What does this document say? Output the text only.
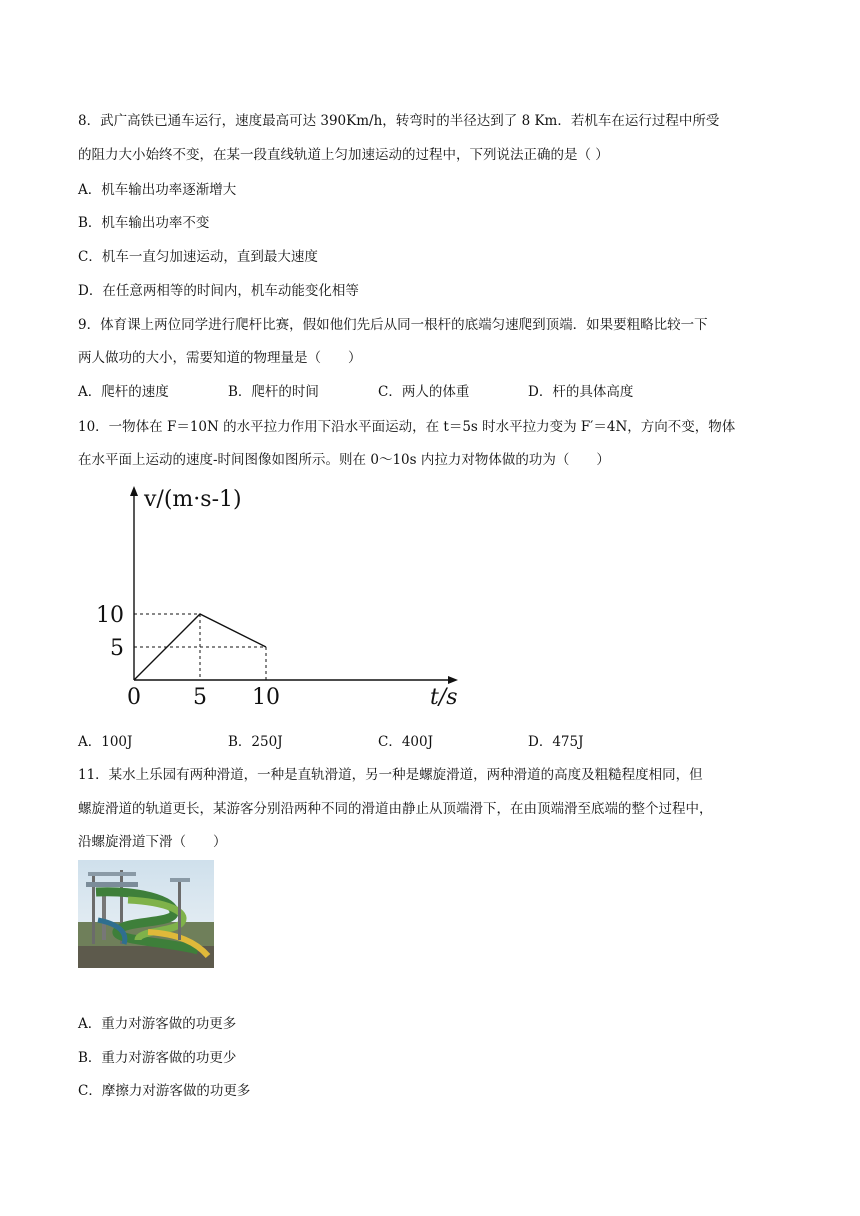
8．武广高铁已通车运行，速度最高可达 390Km/h，转弯时的半径达到了 8 Km．若机车在运行过程中所受
的阻力大小始终不变，在某一段直线轨道上匀加速运动的过程中，下列说法正确的是（ ）
A．机车输出功率逐渐增大
B．机车输出功率不变
C．机车一直匀加速运动，直到最大速度
D．在任意两相等的时间内，机车动能变化相等
9．体育课上两位同学进行爬杆比赛，假如他们先后从同一根杆的底端匀速爬到顶端．如果要粗略比较一下
两人做功的大小，需要知道的物理量是（　　）
A．爬杆的速度	B．爬杆的时间	C．两人的体重	D．杆的具体高度
10．一物体在 F＝10N 的水平拉力作用下沿水平面运动，在 t＝5s 时水平拉力变为 F′＝4N，方向不变，物体
在水平面上运动的速度-时间图像如图所示。则在 0～10s 内拉力对物体做的功为（　　）
0 5 10
10
5
v/(m·s-1)
t/s
A．100J	B．250J	C．400J	D．475J
11．某水上乐园有两种滑道，一种是直轨滑道，另一种是螺旋滑道，两种滑道的高度及粗糙程度相同，但
螺旋滑道的轨道更长，某游客分别沿两种不同的滑道由静止从顶端滑下，在由顶端滑至底端的整个过程中，
沿螺旋滑道下滑（　　）
A．重力对游客做的功更多
B．重力对游客做的功更少
C．摩擦力对游客做的功更多
